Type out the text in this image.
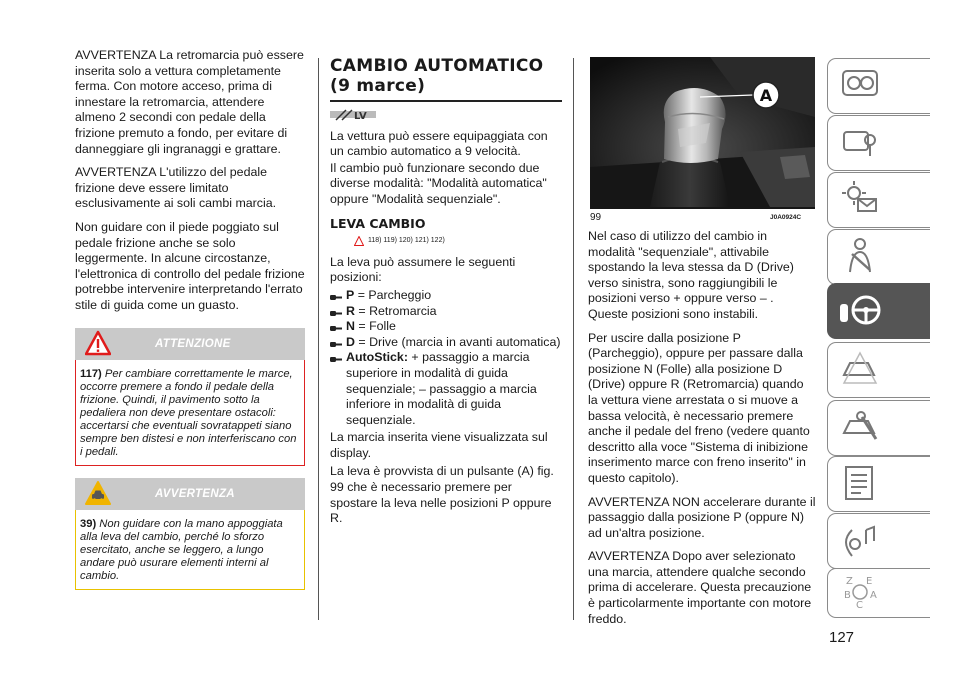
AVVERTENZA La retromarcia può essere inserita solo a vettura completamente ferma. Con motore acceso, prima di innestare la retromarcia, attendere almeno 2 secondi con pedale della frizione premuto a fondo, per evitare di danneggiare gli ingranaggi e grattare.

AVVERTENZA L'utilizzo del pedale frizione deve essere limitato esclusivamente ai soli cambi marcia.

Non guidare con il piede poggiato sul pedale frizione anche se solo leggermente. In alcune circostanze, l'elettronica di controllo del pedale frizione potrebbe intervenire interpretando l'errato stile di guida come un guasto.

ATTENZIONE
117) Per cambiare correttamente le marce, occorre premere a fondo il pedale della frizione. Quindi, il pavimento sotto la pedaliera non deve presentare ostacoli: accertarsi che eventuali sovratappeti siano sempre ben distesi e non interferiscano con i pedali.
AVVERTENZA
39) Non guidare con la mano appoggiata alla leva del cambio, perché lo sforzo esercitato, anche se leggero, a lungo andare può usurare elementi interni al cambio.
CAMBIO AUTOMATICO (9 marce)
LV

La vettura può essere equipaggiata con un cambio automatico a 9 velocità.

Il cambio può funzionare secondo due diverse modalità: "Modalità automatica" oppure "Modalità sequenziale".

LEVA CAMBIO
118) 119) 120) 121) 122)

La leva può assumere le seguenti posizioni:

P = Parcheggio
R = Retromarcia
N = Folle
D = Drive (marcia in avanti automatica)
AutoStick: + passaggio a marcia superiore in modalità di guida sequenziale; – passaggio a marcia inferiore in modalità di guida sequenziale.

La marcia inserita viene visualizzata sul display.

La leva è provvista di un pulsante (A) fig. 99 che è necessario premere per spostare la leva nelle posizioni P oppure R.

A
99	J0A0924C

Nel caso di utilizzo del cambio in modalità "sequenziale", attivabile spostando la leva stessa da D (Drive) verso sinistra, sono raggiungibili le posizioni verso + oppure verso – . Queste posizioni sono instabili.

Per uscire dalla posizione P (Parcheggio), oppure per passare dalla posizione N (Folle) alla posizione D (Drive) oppure R (Retromarcia) quando la vettura viene arrestata o si muove a bassa velocità, è necessario premere anche il pedale del freno (vedere quanto descritto alla voce "Sistema di inibizione inserimento marce con freno inserito" in questo capitolo).

AVVERTENZA NON accelerare durante il passaggio dalla posizione P (oppure N) ad un'altra posizione.

AVVERTENZA Dopo aver selezionato una marcia, attendere qualche secondo prima di accelerare. Questa precauzione è particolarmente importante con motore freddo.

127
Z E
B A
C
